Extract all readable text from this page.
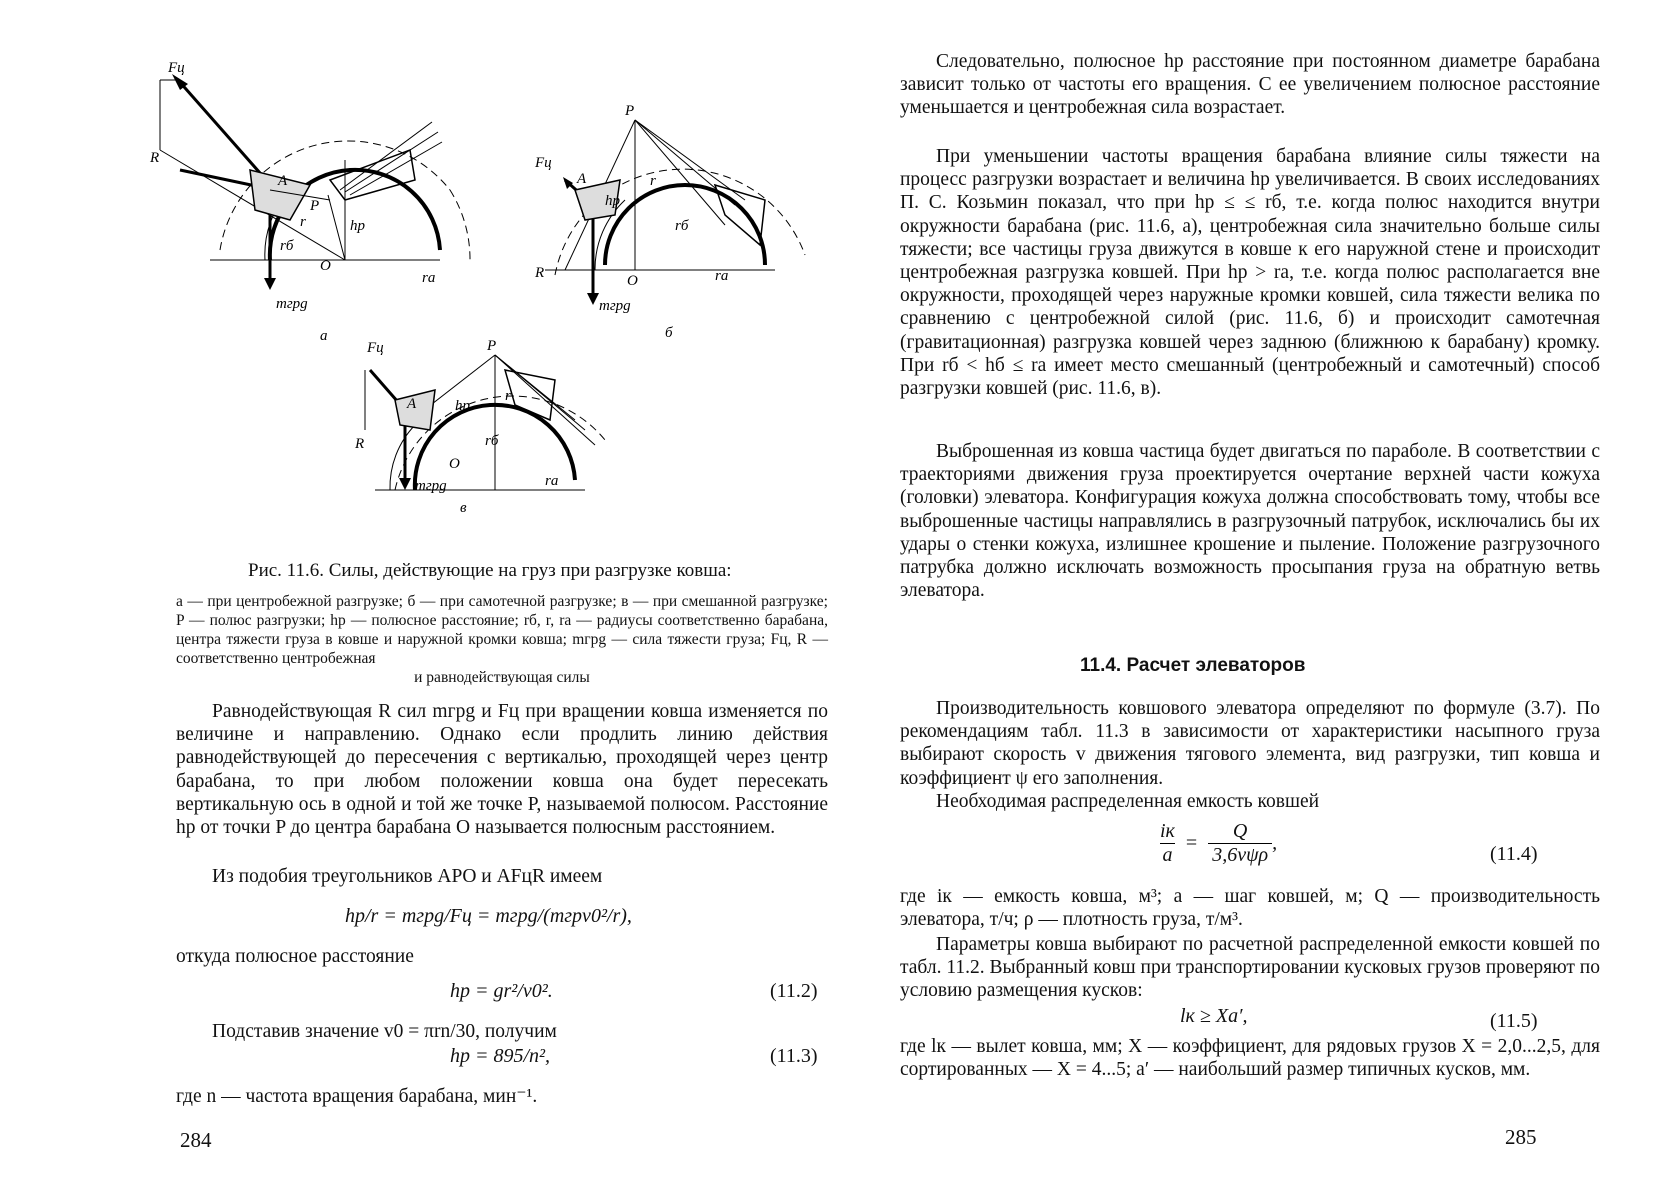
Fц
R
A
P
O
hр
rб
r
rа
mгрg
а
P
Fц
A
R	O
hр
rб
r
rа
mгрg
б
P
Fц
A
R
O
hр
rб
r
rа
mгрg
в
Рис. 11.6. Силы, действующие на груз при разгрузке ковша:
а — при центробежной разгрузке; б — при самотечной разгрузке; в — при смешанной разгрузке; P — полюс разгрузки; hр — полюсное расстояние; rб, r, rа — радиусы соответственно барабана, центра тяжести груза в ковше и наружной кромки ковша; mгрg — сила тяжести груза; Fц, R — соответственно центробежная
и равнодействующая силы
Равнодействующая R сил mгрg и Fц при вращении ковша изменяется по величине и направлению. Однако если продлить линию действия равнодействующей до пересечения с вертикалью, проходящей через центр барабана, то при любом положении ковша она будет пересекать вертикальную ось в одной и той же точке P, называемой полюсом. Расстояние hр от точки P до центра барабана O называется полюсным расстоянием.
Из подобия треугольников APO и AFцR имеем
hр/r = mгрg/Fц = mгрg/(mгрv0²/r),
откуда полюсное расстояние
hр = gr²/v0².	(11.2)
Подставив значение v0 = πrn/30, получим
hр = 895/n²,	(11.3)
где n — частота вращения барабана, мин⁻¹.
284
Следовательно, полюсное hр расстояние при постоянном диаметре барабана зависит только от частоты его вращения. С ее увеличением полюсное расстояние уменьшается и центробежная сила возрастает.
При уменьшении частоты вращения барабана влияние силы тяжести на процесс разгрузки возрастает и величина hр увеличивается. В своих исследованиях П. С. Козьмин показал, что при hр ≤ ≤ rб, т.е. когда полюс находится внутри окружности барабана (рис. 11.6, а), центробежная сила значительно больше силы тяжести; все частицы груза движутся в ковше к его наружной стене и происходит центробежная разгрузка ковшей. При hр > rа, т.е. когда полюс располагается вне окружности, проходящей через наружные кромки ковшей, сила тяжести велика по сравнению с центробежной силой (рис. 11.6, б) и происходит самотечная (гравитационная) разгрузка ковшей через заднюю (ближнюю к барабану) кромку. При rб < hб ≤ rа имеет место смешанный (центробежный и самотечный) способ разгрузки ковшей (рис. 11.6, в).
Выброшенная из ковша частица будет двигаться по параболе. В соответствии с траекториями движения груза проектируется очертание верхней части кожуха (головки) элеватора. Конфигурация кожуха должна способствовать тому, чтобы все выброшенные частицы направлялись в разгрузочный патрубок, исключались бы их удары о стенки кожуха, излишнее крошение и пыление. Положение разгрузочного патрубка должно исключать возможность просыпания груза на обратную ветвь элеватора.
11.4. Расчет элеваторов
Производительность ковшового элеватора определяют по формуле (3.7). По рекомендациям табл. 11.3 в зависимости от характеристики насыпного груза выбирают скорость v движения тягового элемента, вид разгрузки, тип ковша и коэффициент ψ его заполнения.
Необходимая распределенная емкость ковшей
iк
a
=
Q
3,6vψρ
,	(11.4)
где iк — емкость ковша, м³; a — шаг ковшей, м; Q — производительность элеватора, т/ч; ρ — плотность груза, т/м³.
Параметры ковша выбирают по расчетной распределенной емкости ковшей по табл. 11.2. Выбранный ковш при транспортировании кусковых грузов проверяют по условию размещения кусков:
lк ≥ Xa′,	(11.5)
где lк — вылет ковша, мм; X — коэффициент, для рядовых грузов X = 2,0...2,5, для сортированных — X = 4...5; a′ — наибольший размер типичных кусков, мм.
285
